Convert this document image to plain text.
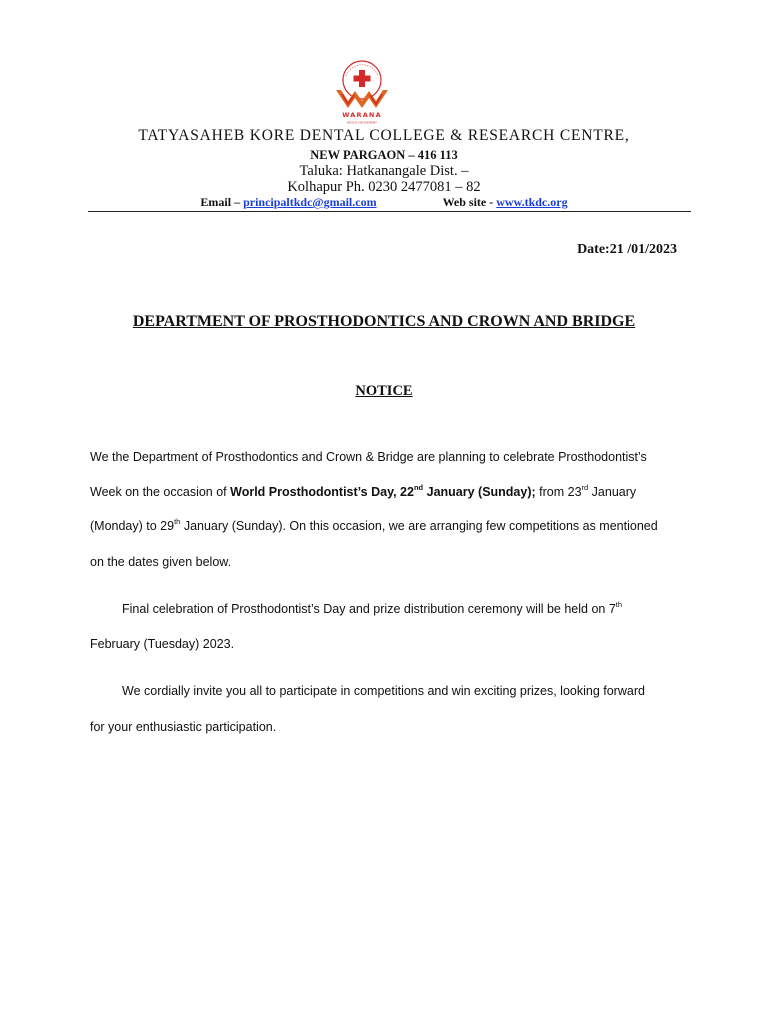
WARANA
HEALTH MOVEMENT
TATYASAHEB KORE DENTAL COLLEGE & RESEARCH CENTRE,
NEW PARGAON – 416 113
Taluka: Hatkanangale Dist. –
Kolhapur Ph. 0230 2477081 – 82
Email – principaltkdc@gmail.com	Web site - www.tkdc.org
Date:21 /01/2023
DEPARTMENT OF PROSTHODONTICS AND CROWN AND BRIDGE
NOTICE
We the Department of Prosthodontics and Crown & Bridge are planning to celebrate Prosthodontist’s
Week on the occasion of World Prosthodontist’s Day, 22nd January (Sunday); from 23rd January
(Monday) to 29th January (Sunday). On this occasion, we are arranging few competitions as mentioned
on the dates given below.
Final celebration of Prosthodontist’s Day and prize distribution ceremony will be held on 7th
February (Tuesday) 2023.
We cordially invite you all to participate in competitions and win exciting prizes, looking forward
for your enthusiastic participation.
